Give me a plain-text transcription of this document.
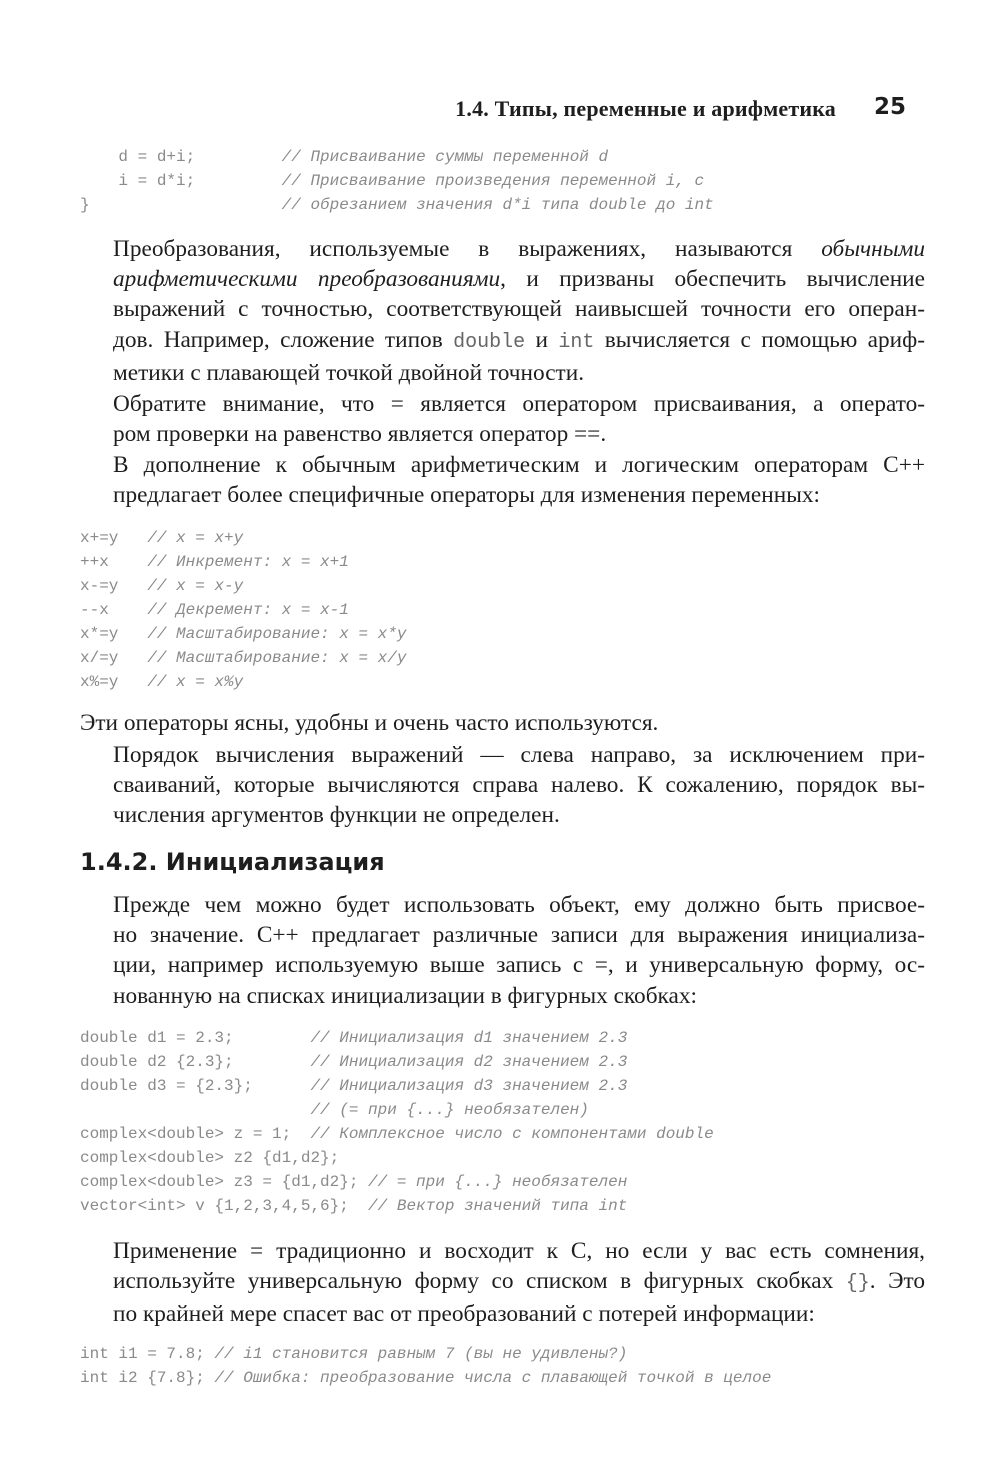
1.4. Типы, переменные и арифметика 25
d = d+i;         // Присваивание суммы переменной d
i = d*i;         // Присваивание произведения переменной i, с
}                    // обрезанием значения d*i типа double до int

Преобразования, используемые в выражениях, называются обычными
арифметическими преобразованиями, и призваны обеспечить вычисление
выражений с точностью, соответствующей наивысшей точности его операн-
дов. Например, сложение типов double и int вычисляется с помощью ариф-
метики с плавающей точкой двойной точности.

Обратите внимание, что = является оператором присваивания, а операто-
ром проверки на равенство является оператор ==.

В дополнение к обычным арифметическим и логическим операторам C++
предлагает более специфичные операторы для изменения переменных:

x+=y   // x = x+y
++x    // Инкремент: x = x+1
x-=y   // x = x-y
--x    // Декремент: x = x-1
x*=y   // Масштабирование: x = x*y
x/=y   // Масштабирование: x = x/y
x%=y   // x = x%y

Эти операторы ясны, удобны и очень часто используются.

Порядок вычисления выражений — слева направо, за исключением при-
сваиваний, которые вычисляются справа налево. К сожалению, порядок вы-
числения аргументов функции не определен.

1.4.2. Инициализация

Прежде чем можно будет использовать объект, ему должно быть присвое-
но значение. C++ предлагает различные записи для выражения инициализа-
ции, например используемую выше запись с =, и универсальную форму, ос-
нованную на списках инициализации в фигурных скобках:

double d1 = 2.3;        // Инициализация d1 значением 2.3
double d2 {2.3};        // Инициализация d2 значением 2.3
double d3 = {2.3};      // Инициализация d3 значением 2.3
// (= при {...} необязателен)
complex<double> z = 1;  // Комплексное число с компонентами double
complex<double> z2 {d1,d2};
complex<double> z3 = {d1,d2}; // = при {...} необязателен
vector<int> v {1,2,3,4,5,6};  // Вектор значений типа int

Применение = традиционно и восходит к C, но если у вас есть сомнения,
используйте универсальную форму со списком в фигурных скобках {}. Это
по крайней мере спасет вас от преобразований с потерей информации:

int i1 = 7.8; // i1 становится равным 7 (вы не удивлены?)
int i2 {7.8}; // Ошибка: преобразование числа с плавающей точкой в целое
